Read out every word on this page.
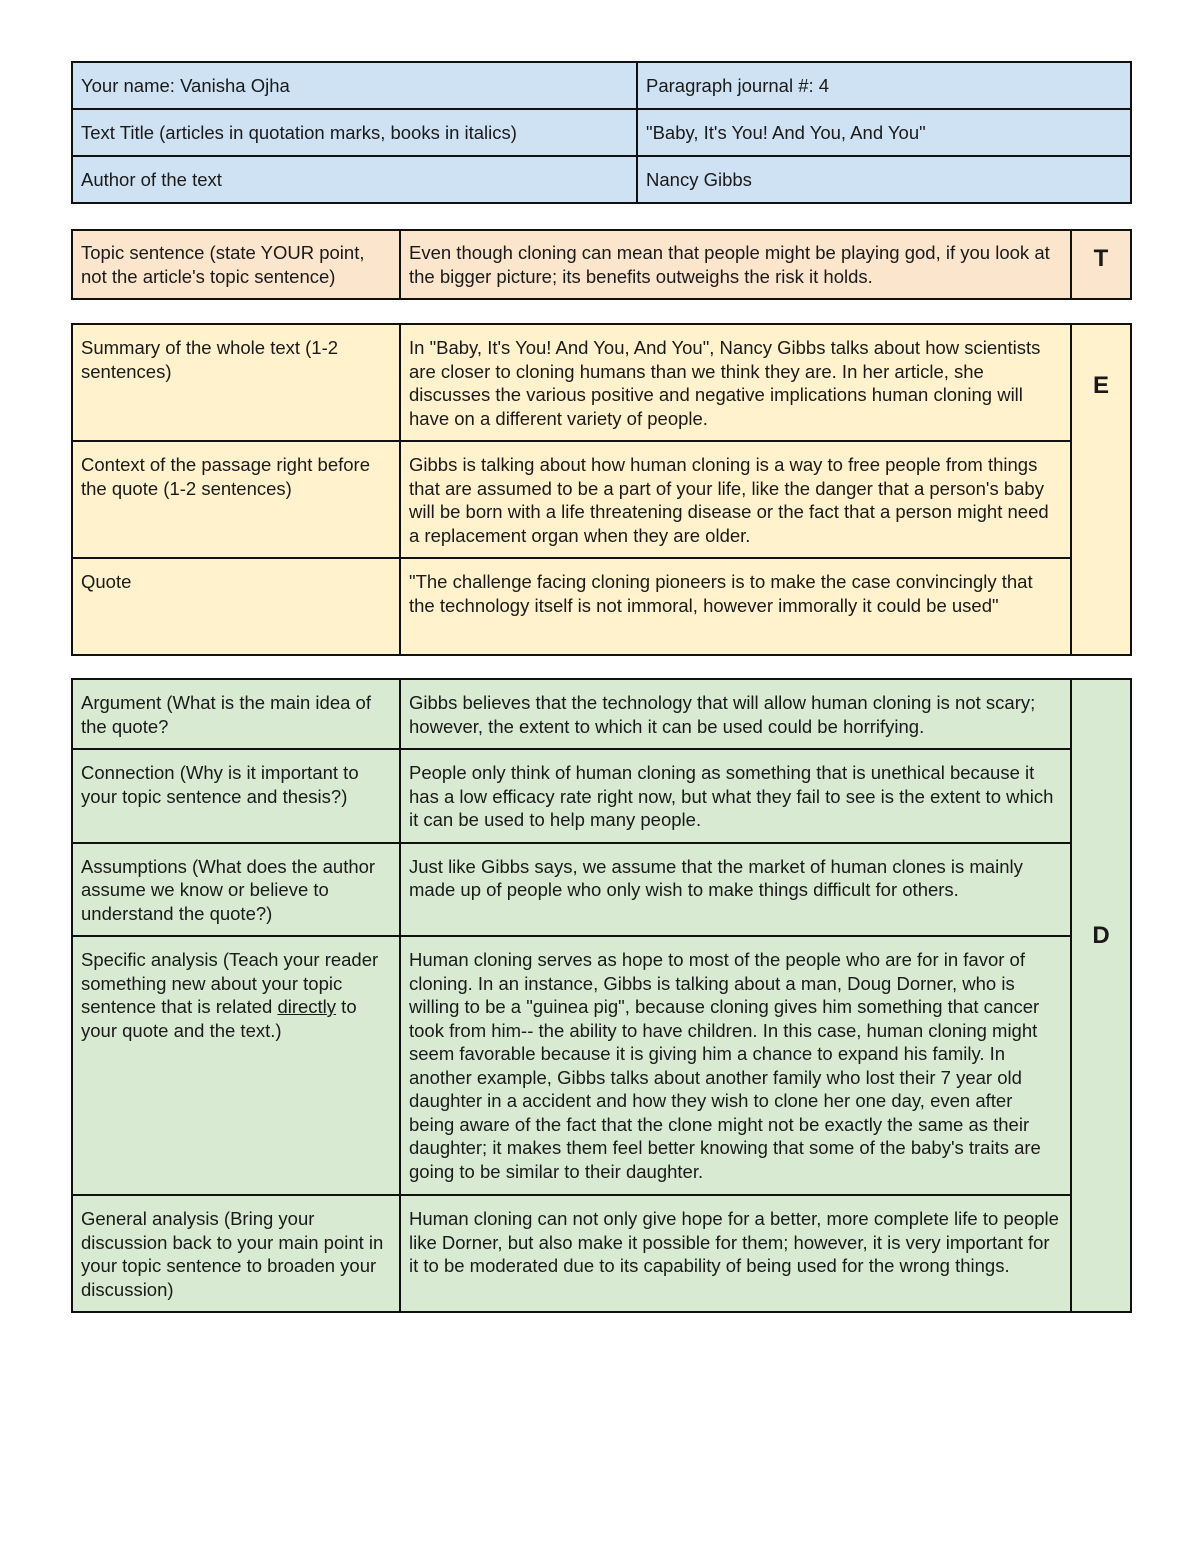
Your name: Vanisha Ojha	Paragraph journal #: 4
Text Title (articles in quotation marks, books in italics)	"Baby, It's You! And You, And You"
Author of the text	Nancy Gibbs
Topic sentence (state YOUR point, not the article's topic sentence)	Even though cloning can mean that people might be playing god, if you look at the bigger picture; its benefits outweighs the risk it holds.	T
Summary of the whole text (1-2 sentences)	In "Baby, It's You! And You, And You", Nancy Gibbs talks about how scientists are closer to cloning humans than we think they are. In her article, she discusses the various positive and negative implications human cloning will have on a different variety of people.	E
Context of the passage right before the quote (1-2 sentences)	Gibbs is talking about how human cloning is a way to free people from things that are assumed to be a part of your life, like the danger that a person's baby will be born with a life threatening disease or the fact that a person might need a replacement organ when they are older.	
Quote	"The challenge facing cloning pioneers is to make the case convincingly that the technology itself is not immoral, however immorally it could be used"	
Argument (What is the main idea of the quote?	Gibbs believes that the technology that will allow human cloning is not scary; however, the extent to which it can be used could be horrifying.	D
Connection (Why is it important to your topic sentence and thesis?)	People only think of human cloning as something that is unethical because it has a low efficacy rate right now, but what they fail to see is the extent to which it can be used to help many people.	
Assumptions (What does the author assume we know or believe to understand the quote?)	Just like Gibbs says, we assume that the market of human clones is mainly made up of people who only wish to make things difficult for others.	
Specific analysis (Teach your reader something new about your topic sentence that is related directly to your quote and the text.)	Human cloning serves as hope to most of the people who are for in favor of cloning. In an instance, Gibbs is talking about a man, Doug Dorner, who is willing to be a "guinea pig", because cloning gives him something that cancer took from him-- the ability to have children. In this case, human cloning might seem favorable because it is giving him a chance to expand his family. In another example, Gibbs talks about another family who lost their 7 year old daughter in a accident and how they wish to clone her one day, even after being aware of the fact that the clone might not be exactly the same as their daughter; it makes them feel better knowing that some of the baby's traits are going to be similar to their daughter.	
General analysis (Bring your discussion back to your main point in your topic sentence to broaden your discussion)	Human cloning can not only give hope for a better, more complete life to people like Dorner, but also make it possible for them; however, it is very important for it to be moderated due to its capability of being used for the wrong things.	
